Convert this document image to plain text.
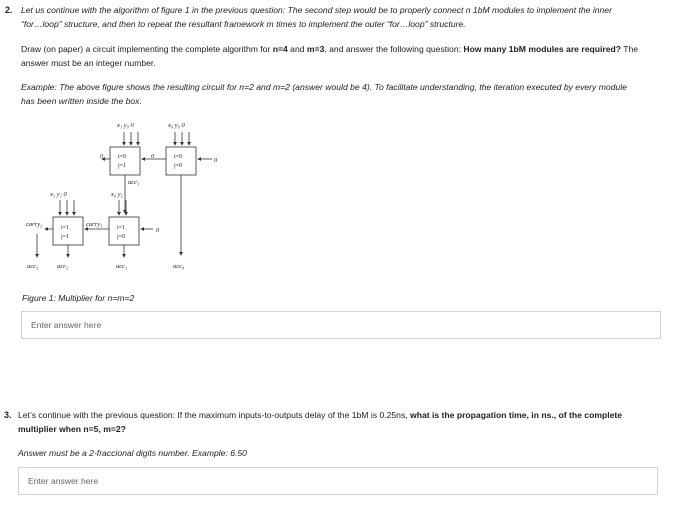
2. Let us continue with the algorithm of figure 1 in the previous question: The second step would be to properly connect n 1bM modules to implement the inner
“for…loop” structure, and then to repeat the resultant framework m times to implement the outer “for…loop” structure.
Draw (on paper) a circuit implementing the complete algorithm for n=4 and m=3, and answer the following question: How many 1bM modules are required? The
answer must be an integer number.
Example: The above figure shows the resulting circuit for n=2 and m=2 (answer would be 4). To facilitate understanding, the iteration executed by every module
has been written inside the box.
x₁ y₀ 0	x₀ y₀ 0
0	0
0
acc₁
x₁ y₁ 0	x₀ y₁
carry₂	carry₁
0
acc₃	acc₂	acc₁	acc₀
i=0
j=1
i=0
j=0
i=1
j=1
i=1
j=0
Figure 1: Multiplier for n=m=2
Enter answer here
3. Let’s continue with the previous question: If the maximum inputs-to-outputs delay of the 1bM is 0.25ns, what is the propagation time, in ns., of the complete
multiplier when n=5, m=2?
Answer must be a 2-fraccional digits number. Example: 6.50
Enter answer here
